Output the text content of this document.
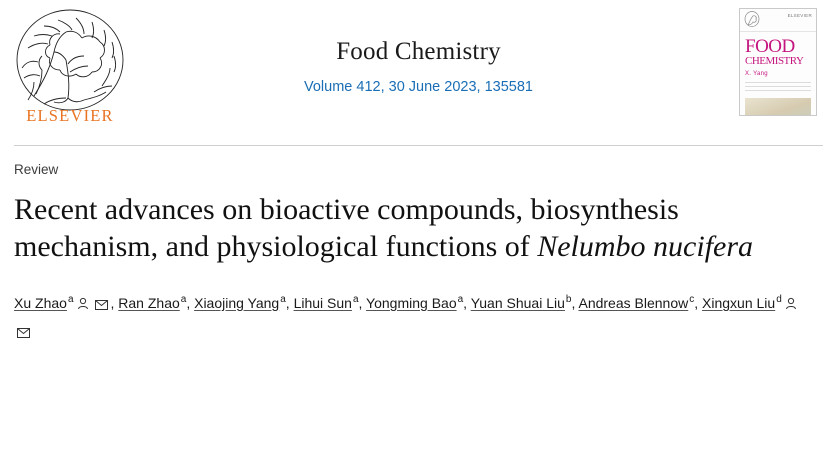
ELSEVIER
Food Chemistry
Volume 412, 30 June 2023, 135581
ELSEVIER
FOOD
CHEMISTRY
X. Yang
Review
Recent advances on bioactive compounds, biosynthesis mechanism, and physiological functions of Nelumbo nucifera
Xu Zhao$^a$	, Ran Zhao$^a$, Xiaojing Yang$^a$, Lihui Sun$^a$, Yongming Bao$^a$, Yuan Shuai Liu$^b$, Andreas Blennow$^c$, Xingxun Liu$^d$
